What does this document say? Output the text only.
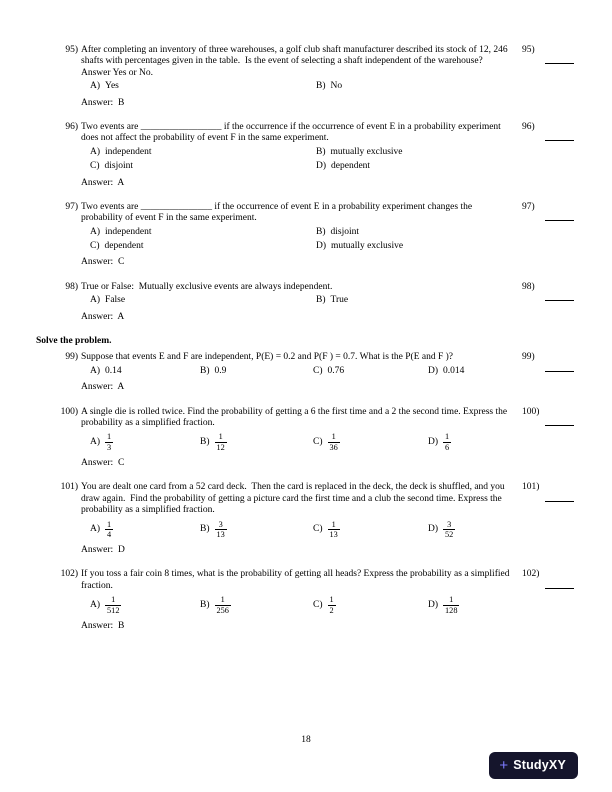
95) After completing an inventory of three warehouses, a golf club shaft manufacturer described its stock of 12, 246 shafts with percentages given in the table.  Is the event of selecting a shaft independent of the warehouse?  Answer Yes or No.
A) Yes	B) No
Answer:  B
95)
96) Two events are _________________ if the occurrence if the occurrence of event E in a probability experiment does not affect the probability of event F in the same experiment.
A) independent	B) mutually exclusive
C) disjoint	D) dependent
Answer:  A
96)
97) Two events are _______________ if the occurrence of event E in a probability experiment changes the probability of event F in the same experiment.
A) independent	B) disjoint
C) dependent	D) mutually exclusive
Answer:  C
97)
98) True or False:  Mutually exclusive events are always independent.
A) False	B) True
Answer:  A
98)
Solve the problem.
99) Suppose that events E and F are independent, P(E) = 0.2 and P(F ) = 0.7. What is the P(E and F )?
A) 0.14	B) 0.9	C) 0.76	D) 0.014
Answer:  A
99)
100) A single die is rolled twice. Find the probability of getting a 6 the first time and a 2 the second time. Express the probability as a simplified fraction.
$A) \frac{1}{3}$	$B) \frac{1}{12}$	$C) \frac{1}{36}$	$D) \frac{1}{6}$
Answer:  C
100)
101) You are dealt one card from a 52 card deck.  Then the card is replaced in the deck, the deck is shuffled, and you draw again.  Find the probability of getting a picture card the first time and a club the second time. Express the probability as a simplified fraction.
$A) \frac{1}{4}$	$B) \frac{3}{13}$	$C) \frac{1}{13}$	$D) \frac{3}{52}$
Answer:  D
101)
102) If you toss a fair coin 8 times, what is the probability of getting all heads? Express the probability as a simplified fraction.
$A) \frac{1}{512}$	$B) \frac{1}{256}$	$C) \frac{1}{2}$	$D) \frac{1}{128}$
Answer:  B
102)
18
+ StudyXY
